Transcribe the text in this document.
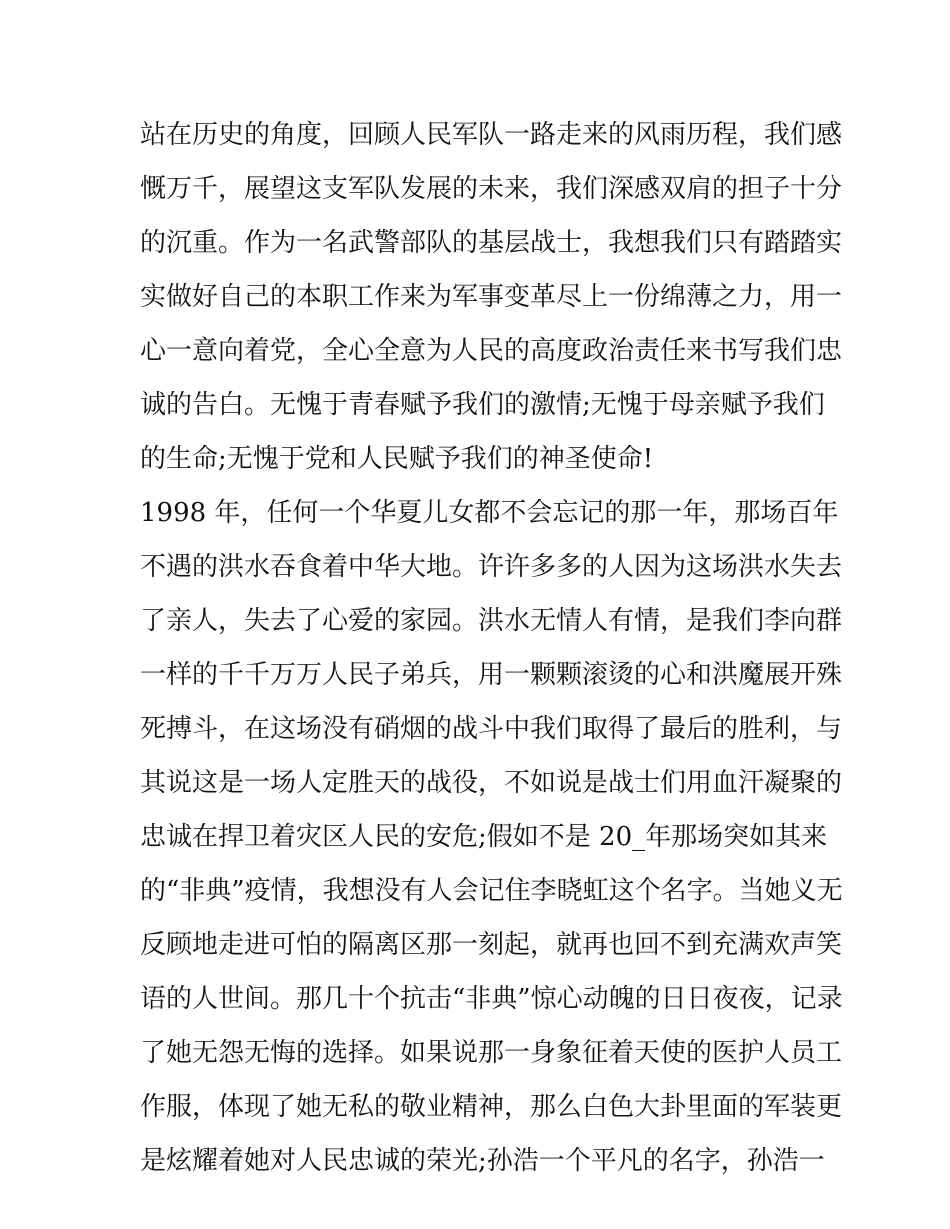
站在历史的角度，回顾人民军队一路走来的风雨历程，我们感
慨万千，展望这支军队发展的未来，我们深感双肩的担子十分
的沉重。作为一名武警部队的基层战士，我想我们只有踏踏实
实做好自己的本职工作来为军事变革尽上一份绵薄之力，用一
心一意向着党，全心全意为人民的高度政治责任来书写我们忠
诚的告白。无愧于青春赋予我们的激情;无愧于母亲赋予我们
的生命;无愧于党和人民赋予我们的神圣使命!
1998 年，任何一个华夏儿女都不会忘记的那一年，那场百年
不遇的洪水吞食着中华大地。许许多多的人因为这场洪水失去
了亲人，失去了心爱的家园。洪水无情人有情，是我们李向群
一样的千千万万人民子弟兵，用一颗颗滚烫的心和洪魔展开殊
死搏斗，在这场没有硝烟的战斗中我们取得了最后的胜利，与
其说这是一场人定胜天的战役，不如说是战士们用血汗凝聚的
忠诚在捍卫着灾区人民的安危;假如不是 20_年那场突如其来
的“非典”疫情，我想没有人会记住李晓虹这个名字。当她义无
反顾地走进可怕的隔离区那一刻起，就再也回不到充满欢声笑
语的人世间。那几十个抗击“非典”惊心动魄的日日夜夜，记录
了她无怨无悔的选择。如果说那一身象征着天使的医护人员工
作服，体现了她无私的敬业精神，那么白色大卦里面的军装更
是炫耀着她对人民忠诚的荣光;孙浩一个平凡的名字，孙浩一
